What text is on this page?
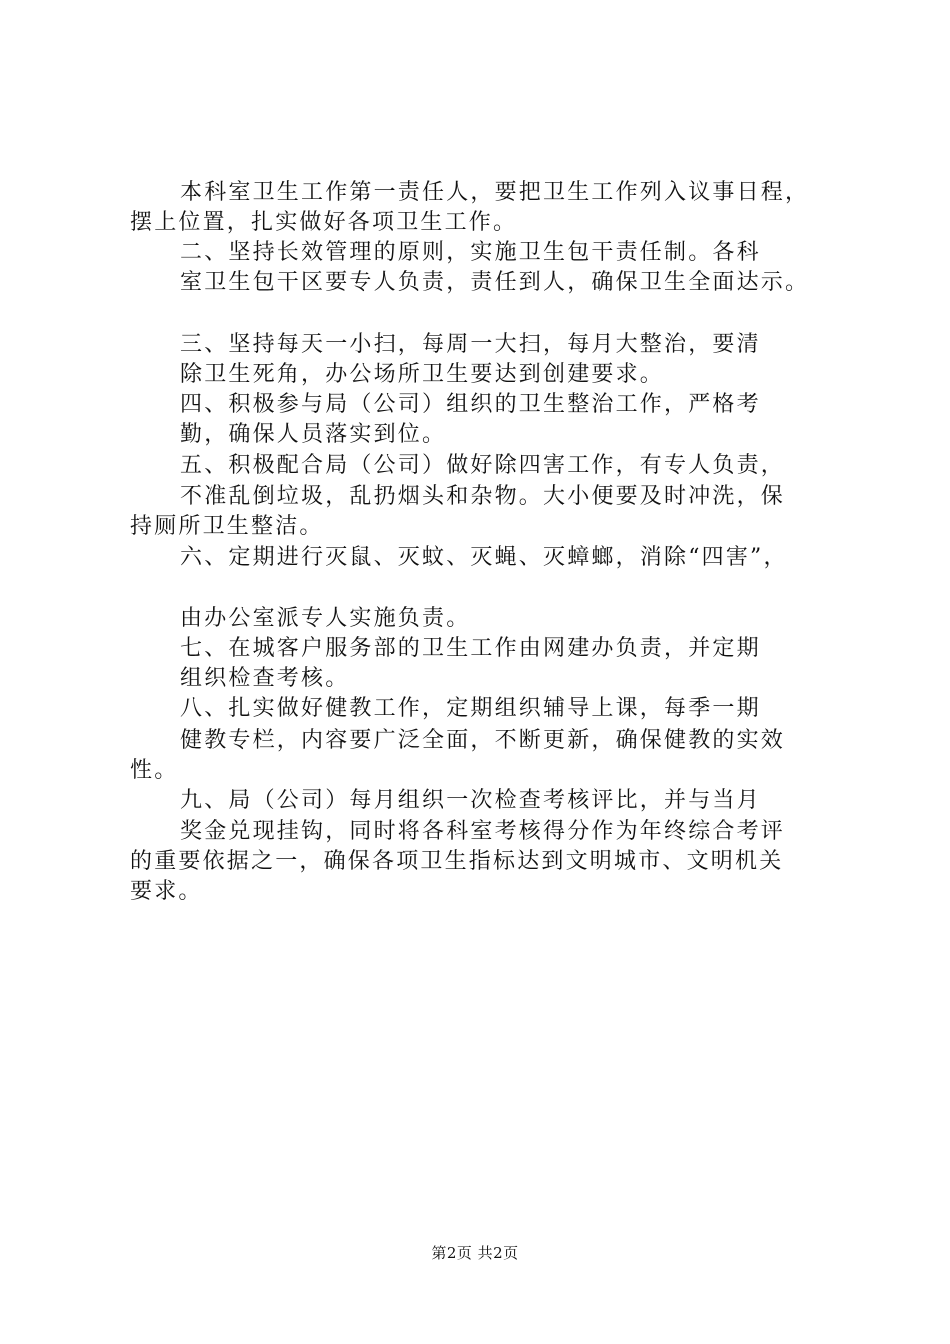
本科室卫生工作第一责任人，要把卫生工作列入议事日程，
摆上位置，扎实做好各项卫生工作。
二、坚持长效管理的原则，实施卫生包干责任制。各科
室卫生包干区要专人负责，责任到人，确保卫生全面达示。
三、坚持每天一小扫，每周一大扫，每月大整治，要清
除卫生死角，办公场所卫生要达到创建要求。
四、积极参与局（公司）组织的卫生整治工作，严格考
勤，确保人员落实到位。
五、积极配合局（公司）做好除四害工作，有专人负责，
不准乱倒垃圾，乱扔烟头和杂物。大小便要及时冲洗，保
持厕所卫生整洁。
六、定期进行灭鼠、灭蚊、灭蝇、灭蟑螂，消除“四害”，
由办公室派专人实施负责。
七、在城客户服务部的卫生工作由网建办负责，并定期
组织检查考核。
八、扎实做好健教工作，定期组织辅导上课，每季一期
健教专栏，内容要广泛全面，不断更新，确保健教的实效
性。
九、局（公司）每月组织一次检查考核评比，并与当月
奖金兑现挂钩，同时将各科室考核得分作为年终综合考评
的重要依据之一，确保各项卫生指标达到文明城市、文明机关
要求。
第2页 共2页
